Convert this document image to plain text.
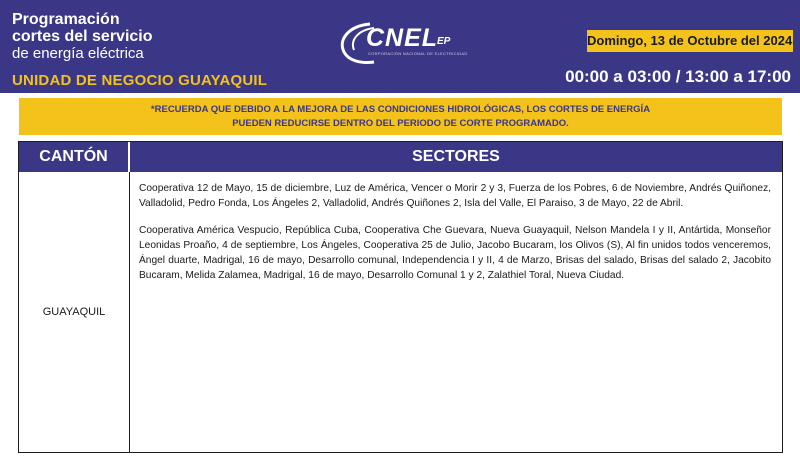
Programación
cortes del servicio
de energía eléctrica
UNIDAD DE NEGOCIO GUAYAQUIL
CNEL
EP
CORPORACIÓN NACIONAL DE ELECTRICIDAD
Domingo, 13 de Octubre del 2024
00:00 a 03:00 / 13:00 a 17:00
*RECUERDA QUE DEBIDO A LA MEJORA DE LAS CONDICIONES HIDROLÓGICAS, LOS CORTES DE ENERGÍA
PUEDEN REDUCIRSE DENTRO DEL PERIODO DE CORTE PROGRAMADO.
CANTÓN	SECTORES
GUAYAQUIL

Cooperativa 12 de Mayo, 15 de diciembre, Luz de América, Vencer o Morir 2 y 3, Fuerza de los Pobres, 6 de Noviembre, Andrés Quiñonez, Valladolid, Pedro Fonda, Los Ángeles 2, Valladolid, Andrés Quiñones 2, Isla del Valle, El Paraiso, 3 de Mayo, 22 de Abril.

Cooperativa América Vespucio, República Cuba, Cooperativa Che Guevara, Nueva Guayaquil, Nelson Mandela I y II, Antártida, Monseñor Leonidas Proaño, 4 de septiembre, Los Ángeles, Cooperativa 25 de Julio, Jacobo Bucaram, los Olivos (S), Al fin unidos todos venceremos, Ángel duarte, Madrigal, 16 de mayo, Desarrollo comunal, Independencia I y II, 4 de Marzo, Brisas del salado, Brisas del salado 2, Jacobito Bucaram, Melida Zalamea, Madrigal, 16 de mayo, Desarrollo Comunal 1 y 2, Zalathiel Toral, Nueva Ciudad.
